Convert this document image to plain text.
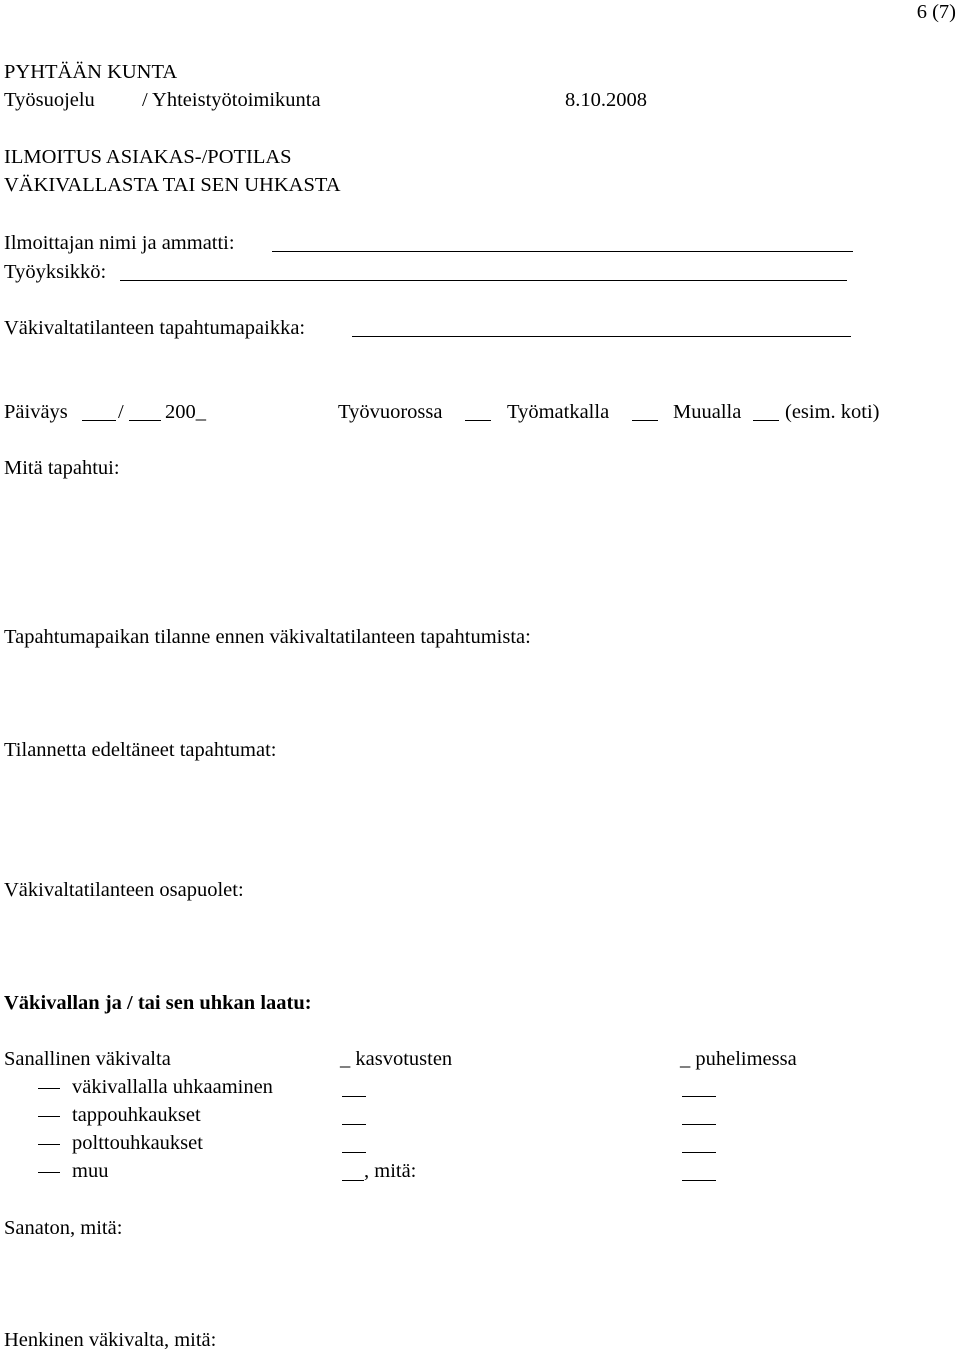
6 (7)
PYHTÄÄN KUNTA
Työsuojelu / Yhteistyötoimikunta	8.10.2008
ILMOITUS ASIAKAS-/POTILAS
VÄKIVALLASTA TAI SEN UHKASTA
Ilmoittajan nimi ja ammatti:
Työyksikkö:
Väkivaltatilanteen tapahtumapaikka:
Päiväys / 200_	Työvuorossa	Työmatkalla	Muualla (esim. koti)
Mitä tapahtui:
Tapahtumapaikan tilanne ennen väkivaltatilanteen tapahtumista:
Tilannetta edeltäneet tapahtumat:
Väkivaltatilanteen osapuolet:
Väkivallan ja / tai sen uhkan laatu:
Sanallinen väkivalta	_ kasvotusten	_ puhelimessa
väkivallalla uhkaaminen
tappouhkaukset
polttouhkaukset
muu	, mitä:
Sanaton, mitä:
Henkinen väkivalta, mitä:
